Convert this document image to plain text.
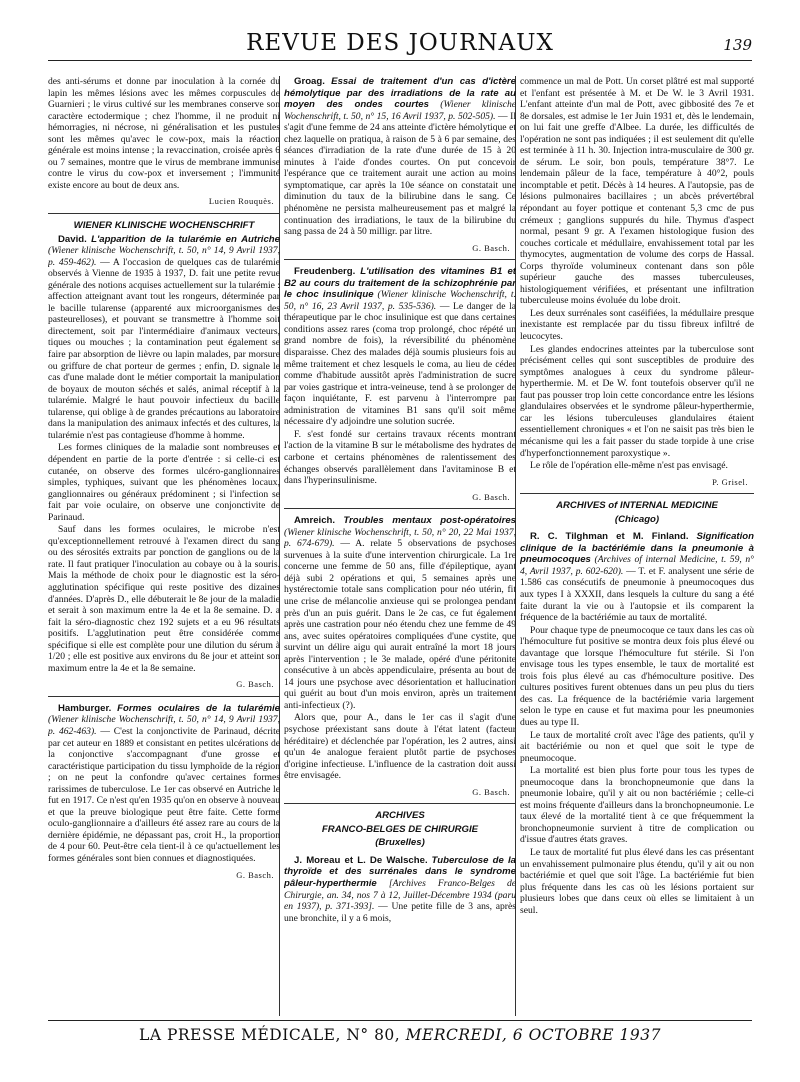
REVUE DES JOURNAUX	139

des anti-sérums et donne par inoculation à la cornée du lapin les mêmes lésions avec les mêmes corpuscules de Guarnieri ; le virus cultivé sur les membranes conserve son caractère ectodermique ; chez l'homme, il ne produit ni hémorragies, ni nécrose, ni généralisation et les pustules sont les mêmes qu'avec le cow-pox, mais la réaction générale est moins intense ; la revaccination, croisée après 6 ou 7 semaines, montre que le virus de membrane immunise contre le virus du cow-pox et inversement ; l'immunité existe encore au bout de deux ans.

Lucien Rouquès.

WIENER KLINISCHE WOCHENSCHRIFT

David. L'apparition de la tularémie en Autriche (Wiener klinische Wochenschrift, t. 50, n° 14, 9 Avril 1937, p. 459-462). — A l'occasion de quelques cas de tularémie observés à Vienne de 1935 à 1937, D. fait une petite revue générale des notions acquises actuellement sur la tularémie : affection atteignant avant tout les rongeurs, déterminée par le bacille tularense (apparenté aux microorganismes des pasteurelloses), et pouvant se transmettre à l'homme soit directement, soit par l'intermédiaire d'animaux vecteurs, tiques ou mouches ; la contamination peut également se faire par absorption de lièvre ou lapin malades, par morsure ou griffure de chat porteur de germes ; enfin, D. signale le cas d'une malade dont le métier comportait la manipulation de boyaux de mouton séchés et salés, animal réceptif à la tularémie. Malgré le haut pouvoir infectieux du bacille tularense, qui oblige à de grandes précautions au laboratoire dans la manipulation des animaux infectés et des cultures, la tularémie n'est pas contagieuse d'homme à homme.

Les formes cliniques de la maladie sont nombreuses et dépendent en partie de la porte d'entrée : si celle-ci est cutanée, on observe des formes ulcéro-ganglionnaires simples, typhiques, suivant que les phénomènes locaux, ganglionnaires ou généraux prédominent ; si l'infection se fait par voie oculaire, on observe une conjonctivite de Parinaud.

Sauf dans les formes oculaires, le microbe n'est qu'exceptionnellement retrouvé à l'examen direct du sang ou des sérosités extraits par ponction de ganglions ou de la rate. Il faut pratiquer l'inoculation au cobaye ou à la souris. Mais la méthode de choix pour le diagnostic est la séro-agglutination spécifique qui reste positive des dizaines d'années. D'après D., elle débuterait le 8e jour de la maladie et serait à son maximum entre la 4e et la 8e semaine. D. a fait la séro-diagnostic chez 192 sujets et a eu 96 résultats positifs. L'agglutination peut être considérée comme spécifique si elle est complète pour une dilution du sérum à 1/20 ; elle est positive aux environs du 8e jour et atteint son maximum entre la 4e et la 8e semaine.

G. Basch.

Hamburger. Formes oculaires de la tularémie (Wiener klinische Wochenschrift, t. 50, n° 14, 9 Avril 1937, p. 462-463). — C'est la conjonctivite de Parinaud, décrite par cet auteur en 1889 et consistant en petites ulcérations de la conjonctive s'accompagnant d'une grosse et caractéristique participation du tissu lymphoïde de la région ; on ne peut la confondre qu'avec certaines formes rarissimes de tuberculose. Le 1er cas observé en Autriche le fut en 1917. Ce n'est qu'en 1935 qu'on en observe à nouveau et que la preuve biologique peut être faite. Cette forme oculo-ganglionnaire a d'ailleurs été assez rare au cours de la dernière épidémie, ne dépassant pas, croit H., la proportion de 4 pour 60. Peut-être cela tient-il à ce qu'actuellement les formes générales sont bien connues et diagnostiquées.

G. Basch.

Groag. Essai de traitement d'un cas d'ictère hémolytique par des irradiations de la rate au moyen des ondes courtes (Wiener klinische Wochenschrift, t. 50, n° 15, 16 Avril 1937, p. 502-505). — Il s'agit d'une femme de 24 ans atteinte d'ictère hémolytique et chez laquelle on pratiqua, à raison de 5 à 6 par semaine, des séances d'irradiation de la rate d'une durée de 15 à 20 minutes à l'aide d'ondes courtes. On put concevoir l'espérance que ce traitement aurait une action au moins symptomatique, car après la 10e séance on constatait une diminution du taux de la bilirubine dans le sang. Ce phénomène ne persista malheureusement pas et malgré la continuation des irradiations, le taux de la bilirubine du sang passa de 24 à 50 milligr. par litre.

G. Basch.

Freudenberg. L'utilisation des vitamines B1 et B2 au cours du traitement de la schizophrénie par le choc insulinique (Wiener klinische Wochenschrift, t. 50, n° 16, 23 Avril 1937, p. 535-536). — Le danger de la thérapeutique par le choc insulinique est que dans certaines conditions assez rares (coma trop prolongé, choc répété un grand nombre de fois), la réversibilité du phénomène disparaisse. Chez des malades déjà soumis plusieurs fois au même traitement et chez lesquels le coma, au lieu de céder comme d'habitude aussitôt après l'administration de sucre par voies gastrique et intra-veineuse, tend à se prolonger de façon inquiétante, F. est parvenu à l'interrompre par administration de vitamines B1 sans qu'il soit même nécessaire d'y adjoindre une solution sucrée.

F. s'est fondé sur certains travaux récents montrant l'action de la vitamine B sur le métabolisme des hydrates de carbone et certains phénomènes de ralentissement des échanges observés parallèlement dans l'avitaminose B et dans l'hyperinsulinisme.

G. Basch.

Amreich. Troubles mentaux post-opératoires (Wiener klinische Wochenschrift, t. 50, n° 20, 22 Mai 1937, p. 674-679). — A. relate 5 observations de psychoses survenues à la suite d'une intervention chirurgicale. La 1re concerne une femme de 50 ans, fille d'épileptique, ayant déjà subi 2 opérations et qui, 5 semaines après une hystérectomie totale sans complication pour néo utérin, fit une crise de mélancolie anxieuse qui se prolongea pendant près d'un an puis guérit. Dans le 2e cas, ce fut également après une castration pour néo étendu chez une femme de 49 ans, avec suites opératoires compliquées d'une cystite, que survint un délire aigu qui aurait entraîné la mort 18 jours après l'intervention ; le 3e malade, opéré d'une péritonite consécutive à un abcès appendiculaire, présenta au bout de 14 jours une psychose avec désorientation et hallucination qui guérit au bout d'un mois environ, après un traitement anti-infectieux (?).

Alors que, pour A., dans le 1er cas il s'agit d'une psychose préexistant sans doute à l'état latent (facteur héréditaire) et déclenchée par l'opération, les 2 autres, ainsi qu'un 4e analogue feraient plutôt partie de psychoses d'origine infectieuse. L'influence de la castration doit aussi être envisagée.

G. Basch.

ARCHIVES
FRANCO-BELGES DE CHIRURGIE
(Bruxelles)

J. Moreau et L. De Walsche. Tuberculose de la thyroïde et des surrénales dans le syndrome pâleur-hyperthermie [Archives Franco-Belges de Chirurgie, an. 34, nos 7 à 12, Juillet-Décembre 1934 (paru en 1937), p. 371-393]. — Une petite fille de 3 ans, après une bronchite, il y a 6 mois,

commence un mal de Pott. Un corset plâtré est mal supporté et l'enfant est présentée à M. et De W. le 3 Avril 1931. L'enfant atteinte d'un mal de Pott, avec gibbosité des 7e et 8e dorsales, est admise le 1er Juin 1931 et, dès le lendemain, on lui fait une greffe d'Albee. La durée, les difficultés de l'opération ne sont pas indiquées ; il est seulement dit qu'elle est terminée à 11 h. 30. Injection intra-musculaire de 300 gr. de sérum. Le soir, bon pouls, température 38°7. Le lendemain pâleur de la face, température à 40°2, pouls incomptable et petit. Décès à 14 heures. A l'autopsie, pas de lésions pulmonaires bacillaires ; un abcès prévertébral répondant au foyer pottique et contenant 5,3 cmc de pus crémeux ; ganglions suppurés du hile. Thymus d'aspect normal, pesant 9 gr. A l'examen histologique fusion des couches corticale et médullaire, envahissement total par les thymocytes, augmentation de volume des corps de Hassal. Corps thyroïde volumineux contenant dans son pôle supérieur gauche des masses tuberculeuses, histologiquement vérifiées, et présentant une infiltration tuberculeuse moins évoluée du lobe droit.

Les deux surrénales sont caséifiées, la médullaire presque inexistante est remplacée par du tissu fibreux infiltré de leucocytes.

Les glandes endocrines atteintes par la tuberculose sont précisément celles qui sont susceptibles de produire des symptômes analogues à ceux du syndrome pâleur-hyperthermie. M. et De W. font toutefois observer qu'il ne faut pas pousser trop loin cette concordance entre les lésions glandulaires observées et le syndrome pâleur-hyperthermie, car les lésions tuberculeuses glandulaires étaient essentiellement chroniques « et l'on ne saisit pas très bien le mécanisme qui les a fait passer du stade torpide à une crise d'hyperfonctionnement paroxystique ».

Le rôle de l'opération elle-même n'est pas envisagé.

P. Grisel.

ARCHIVES of INTERNAL MEDICINE
(Chicago)

R. C. Tilghman et M. Finland. Signification clinique de la bactériémie dans la pneumonie à pneumocoques (Archives of internal Medicine, t. 59, n° 4, Avril 1937, p. 602-620). — T. et F. analysent une série de 1.586 cas consécutifs de pneumonie à pneumocoques dus aux types I à XXXII, dans lesquels la culture du sang a été faite durant la vie ou à l'autopsie et ils comparent la fréquence de la bactériémie au taux de mortalité.

Pour chaque type de pneumocoque ce taux dans les cas où l'hémoculture fut positive se montra deux fois plus élevé ou davantage que lorsque l'hémoculture fut stérile. Si l'on envisage tous les types ensemble, le taux de mortalité est trois fois plus élevé au cas d'hémoculture positive. Des cultures positives furent obtenues dans un peu plus du tiers des cas. La fréquence de la bactériémie varia largement selon le type en cause et fut maxima pour les pneumonies dues au type II.

Le taux de mortalité croît avec l'âge des patients, qu'il y ait bactériémie ou non et quel que soit le type de pneumocoque.

La mortalité est bien plus forte pour tous les types de pneumocoque dans la bronchopneumonie que dans la pneumonie lobaire, qu'il y ait ou non bactériémie ; celle-ci est moins fréquente d'ailleurs dans la bronchopneumonie. Le taux élevé de la mortalité tient à ce que fréquemment la bronchopneumonie survient à titre de complication ou d'issue d'autres états graves.

Le taux de mortalité fut plus élevé dans les cas présentant un envahissement pulmonaire plus étendu, qu'il y ait ou non bactériémie et quel que soit l'âge. La bactériémie fut bien plus fréquente dans les cas où les lésions portaient sur plusieurs lobes que dans ceux où elles se limitaient à un seul.

LA PRESSE MÉDICALE, N° 80, MERCREDI, 6 OCTOBRE 1937
